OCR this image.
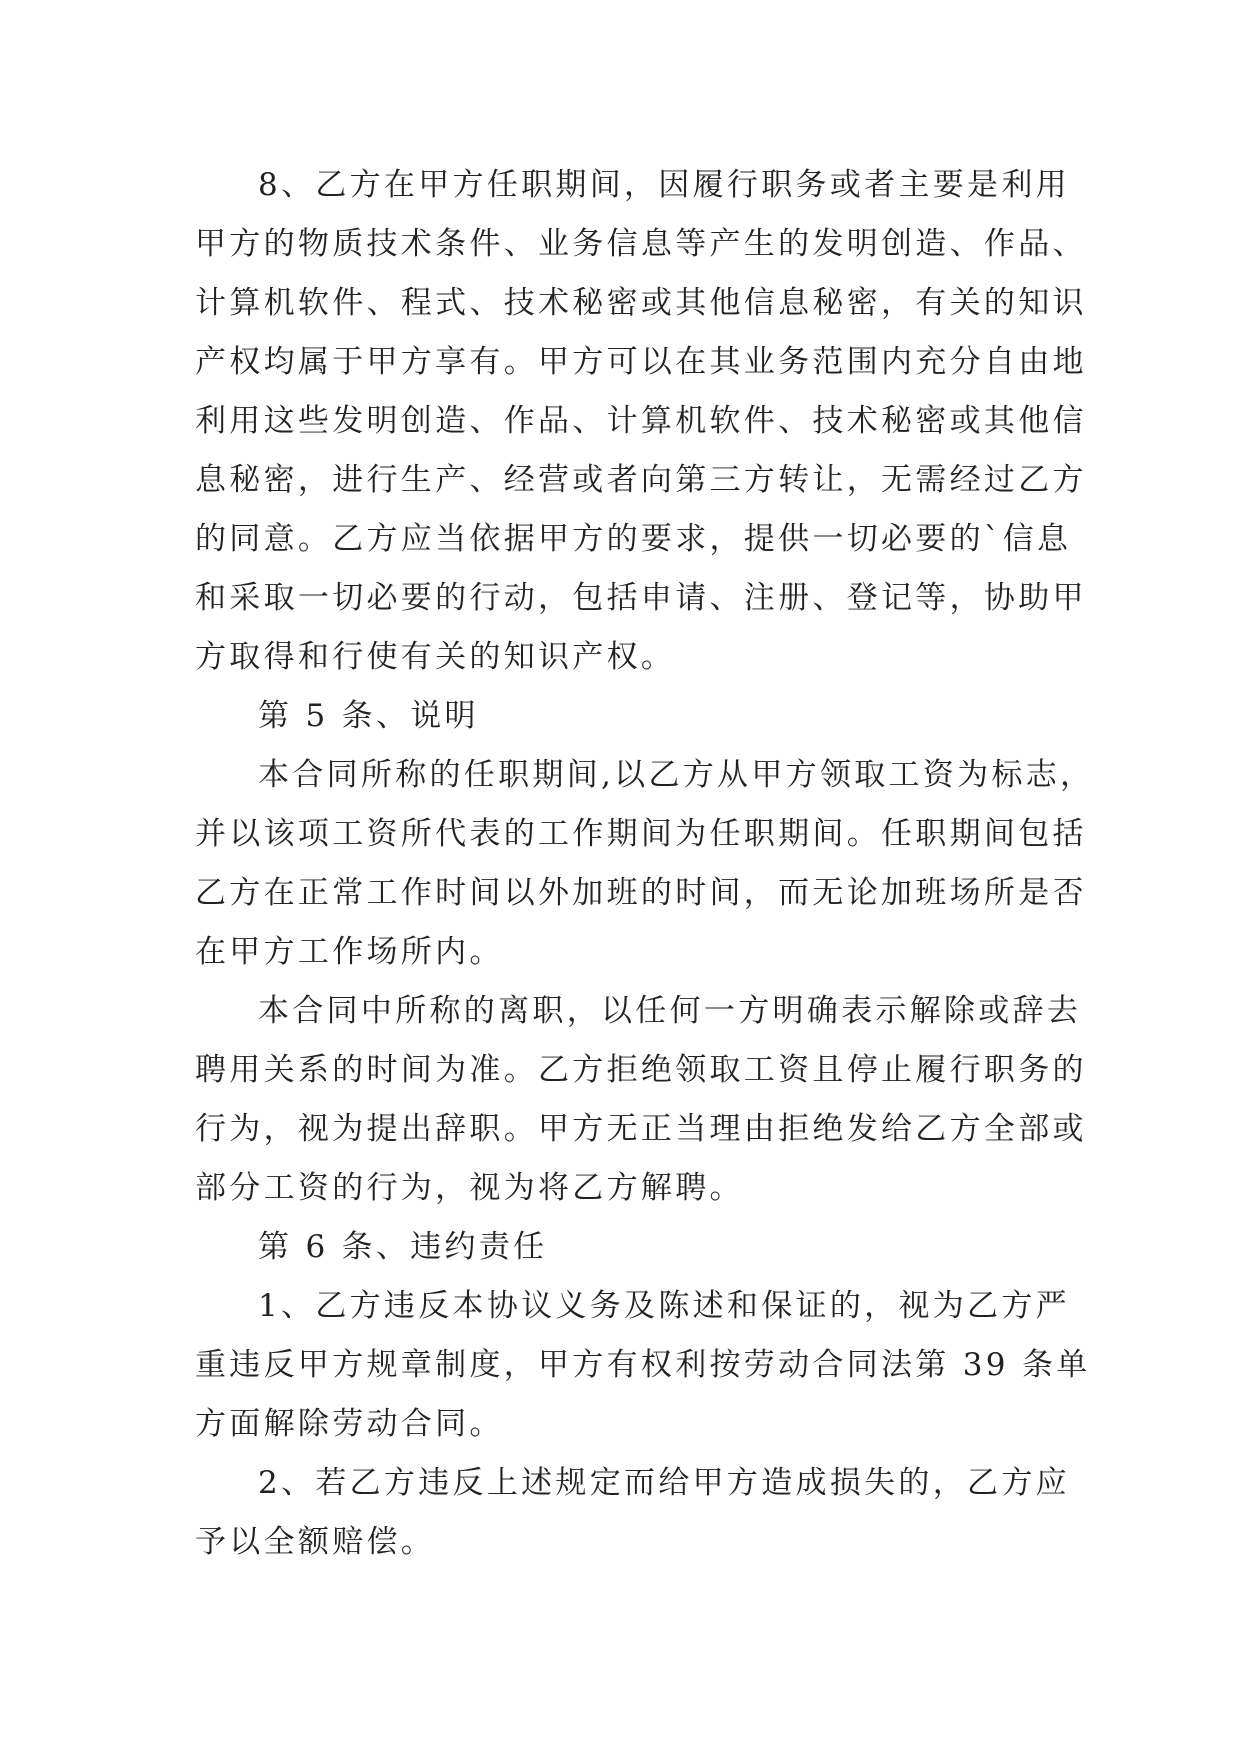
8、乙方在甲方任职期间，因履行职务或者主要是利用
甲方的物质技术条件、业务信息等产生的发明创造、作品、
计算机软件、程式、技术秘密或其他信息秘密，有关的知识
产权均属于甲方享有。甲方可以在其业务范围内充分自由地
利用这些发明创造、作品、计算机软件、技术秘密或其他信
息秘密，进行生产、经营或者向第三方转让，无需经过乙方
的同意。乙方应当依据甲方的要求，提供一切必要的`信息
和采取一切必要的行动，包括申请、注册、登记等，协助甲
方取得和行使有关的知识产权。
第 5 条、说明
本合同所称的任职期间,以乙方从甲方领取工资为标志，
并以该项工资所代表的工作期间为任职期间。任职期间包括
乙方在正常工作时间以外加班的时间，而无论加班场所是否
在甲方工作场所内。
本合同中所称的离职，以任何一方明确表示解除或辞去
聘用关系的时间为准。乙方拒绝领取工资且停止履行职务的
行为，视为提出辞职。甲方无正当理由拒绝发给乙方全部或
部分工资的行为，视为将乙方解聘。
第 6 条、违约责任
1、乙方违反本协议义务及陈述和保证的，视为乙方严
重违反甲方规章制度，甲方有权利按劳动合同法第 39 条单
方面解除劳动合同。
2、若乙方违反上述规定而给甲方造成损失的，乙方应
予以全额赔偿。
